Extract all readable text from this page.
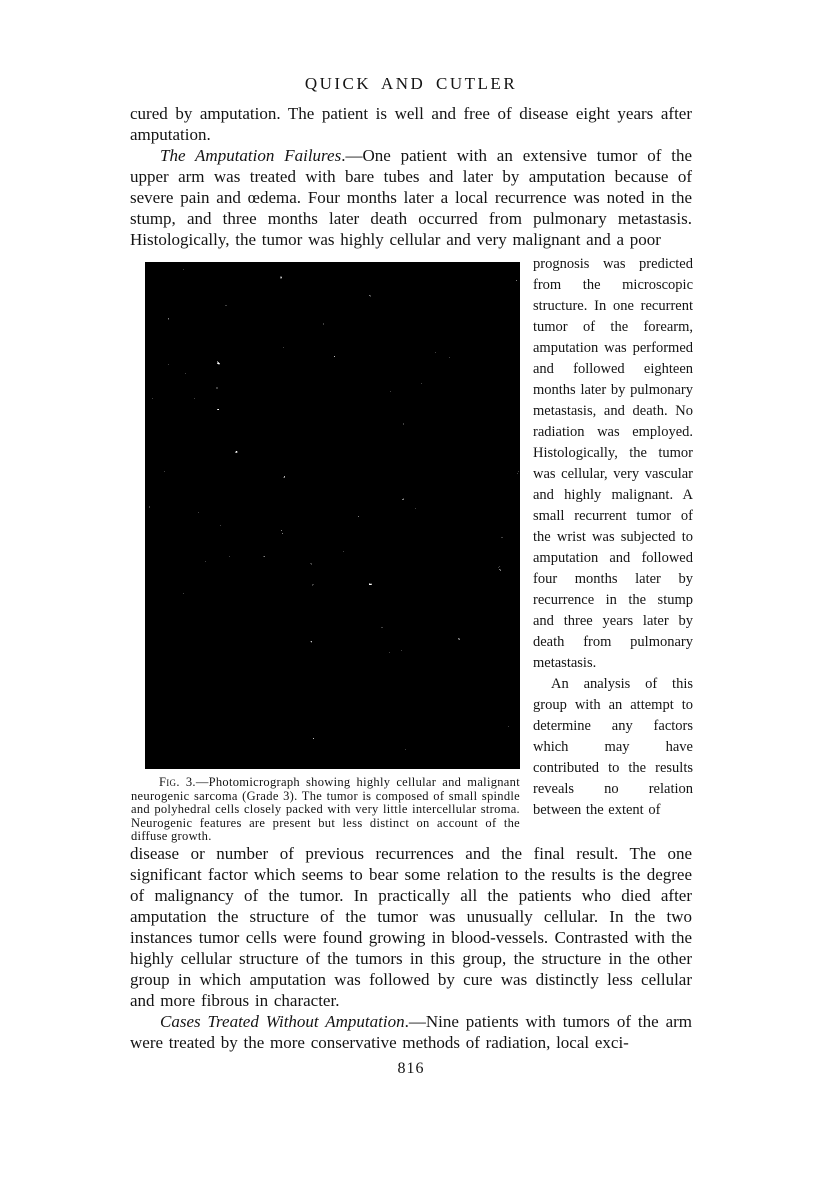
QUICK AND CUTLER

cured by amputation. The patient is well and free of disease eight years after amputation.

The Amputation Failures.—One patient with an extensive tumor of the upper arm was treated with bare tubes and later by amputation because of severe pain and œdema. Four months later a local recurrence was noted in the stump, and three months later death occurred from pulmonary metastasis. Histologically, the tumor was highly cellular and very malignant and a poor

prognosis was predicted from the microscopic structure. In one recurrent tumor of the forearm, amputation was performed and followed eighteen months later by pulmonary metastasis, and death. No radiation was employed. Histologically, the tumor was cellular, very vascular and highly malignant. A small recurrent tumor of the wrist was subjected to amputation and followed four months later by recurrence in the stump and three years later by death from pulmonary metastasis.

An analysis of this group with an attempt to determine any factors which may have contributed to the results reveals no relation between the extent of

Fig. 3.—Photomicrograph showing highly cellular and malignant neurogenic sarcoma (Grade 3). The tumor is composed of small spindle and polyhedral cells closely packed with very little intercellular stroma. Neurogenic features are present but less distinct on account of the diffuse growth.

disease or number of previous recurrences and the final result. The one significant factor which seems to bear some relation to the results is the degree of malignancy of the tumor. In practically all the patients who died after amputation the structure of the tumor was unusually cellular. In the two instances tumor cells were found growing in blood-vessels. Contrasted with the highly cellular structure of the tumors in this group, the structure in the other group in which amputation was followed by cure was distinctly less cellular and more fibrous in character.

Cases Treated Without Amputation.—Nine patients with tumors of the arm were treated by the more conservative methods of radiation, local exci-

816
